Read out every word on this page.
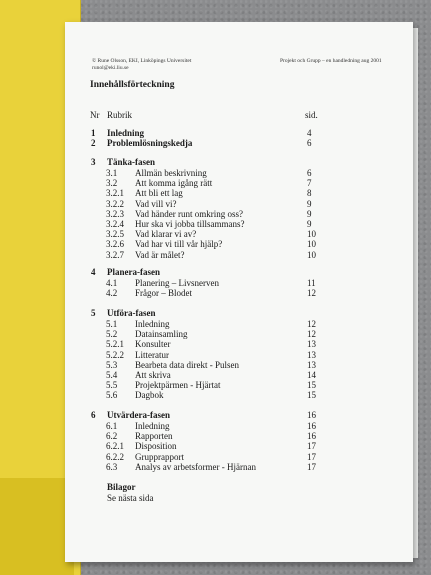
© Rune Olsson, EKI, Linköpings Universitet
runol@eki.liu.se
Projekt och Grupp – en handledning aug 2001
Innehållsförteckning
Nr Rubrik	sid.
1 Inledning	4
2 Problemlösningskedja	6
3 Tänka-fasen
3.1 Allmän beskrivning	6
3.2 Att komma igång rätt	7
3.2.1 Att bli ett lag	8
3.2.2 Vad vill vi?	9
3.2.3 Vad händer runt omkring oss?	9
3.2.4 Hur ska vi jobba tillsammans?	9
3.2.5 Vad klarar vi av?	10
3.2.6 Vad har vi till vår hjälp?	10
3.2.7 Vad är målet?	10
4 Planera-fasen
4.1 Planering – Livsnerven	11
4.2 Frågor – Blodet	12
5 Utföra-fasen
5.1 Inledning	12
5.2 Datainsamling	12
5.2.1 Konsulter	13
5.2.2 Litteratur	13
5.3 Bearbeta data direkt - Pulsen	13
5.4 Att skriva	14
5.5 Projektpärmen - Hjärtat	15
5.6 Dagbok	15
6 Utvärdera-fasen	16
6.1 Inledning	16
6.2 Rapporten	16
6.2.1 Disposition	17
6.2.2 Grupprapport	17
6.3 Analys av arbetsformer - Hjärnan	17
Bilagor
Se nästa sida
